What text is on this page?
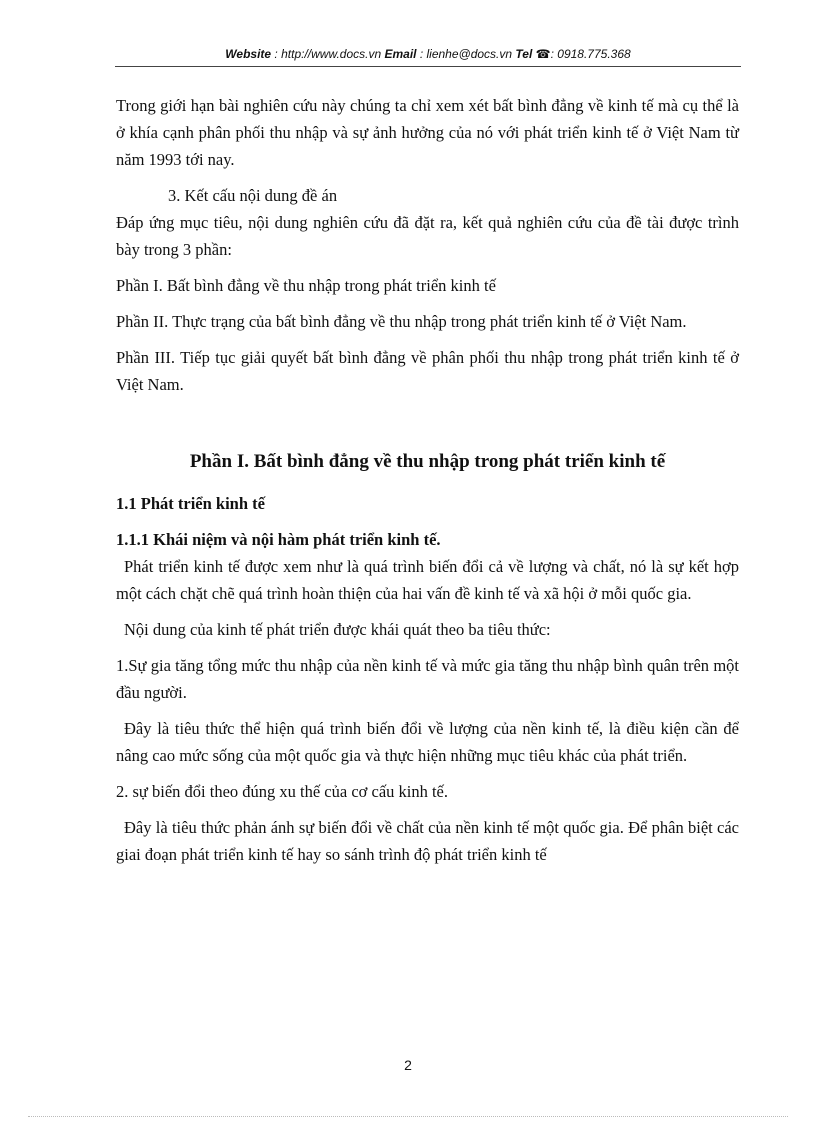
Website : http://www.docs.vn Email : lienhe@docs.vn Tel ☎: 0918.775.368

Trong giới hạn bài nghiên cứu này chúng ta chỉ xem xét bất bình đẳng về kinh tế mà cụ thể là ở khía cạnh phân phối thu nhập và sự ảnh hưởng của nó với phát triển kinh tế ở Việt Nam từ năm 1993 tới nay.

3. Kết cấu nội dung đề án

Đáp ứng mục tiêu, nội dung nghiên cứu đã đặt ra, kết quả nghiên cứu của đề tài được trình bày trong 3 phần:

Phần I. Bất bình đẳng về thu nhập trong phát triển kinh tế

Phần II. Thực trạng của bất bình đẳng về thu nhập trong phát triển kinh tế ở Việt Nam.

Phần III. Tiếp tục giải quyết bất bình đẳng về phân phối thu nhập trong phát triển kinh tế ở Việt Nam.

Phần I. Bất bình đẳng về thu nhập trong phát triển kinh tế

1.1 Phát triển kinh tế

1.1.1 Khái niệm và nội hàm phát triển kinh tế.

Phát triển kinh tế được xem như là quá trình biến đổi cả về lượng và chất, nó là sự kết hợp một cách chặt chẽ quá trình hoàn thiện của hai vấn đề kinh tế và xã hội ở mỗi quốc gia.

Nội dung của kinh tế phát triển được khái quát theo ba tiêu thức:

1.Sự gia tăng tổng mức thu nhập của nền kinh tế và mức gia tăng thu nhập bình quân trên một đầu người.

Đây là tiêu thức thể hiện quá trình biến đổi về lượng của nền kinh tế, là điều kiện cần để nâng cao mức sống của một quốc gia và thực hiện những mục tiêu khác của phát triển.

2. sự biến đổi theo đúng xu thế của cơ cấu kinh tế.

Đây là tiêu thức phản ánh sự biến đổi về chất của nền kinh tế một quốc gia. Để phân biệt các giai đoạn phát triển kinh tế hay so sánh trình độ phát triển kinh tế

2
